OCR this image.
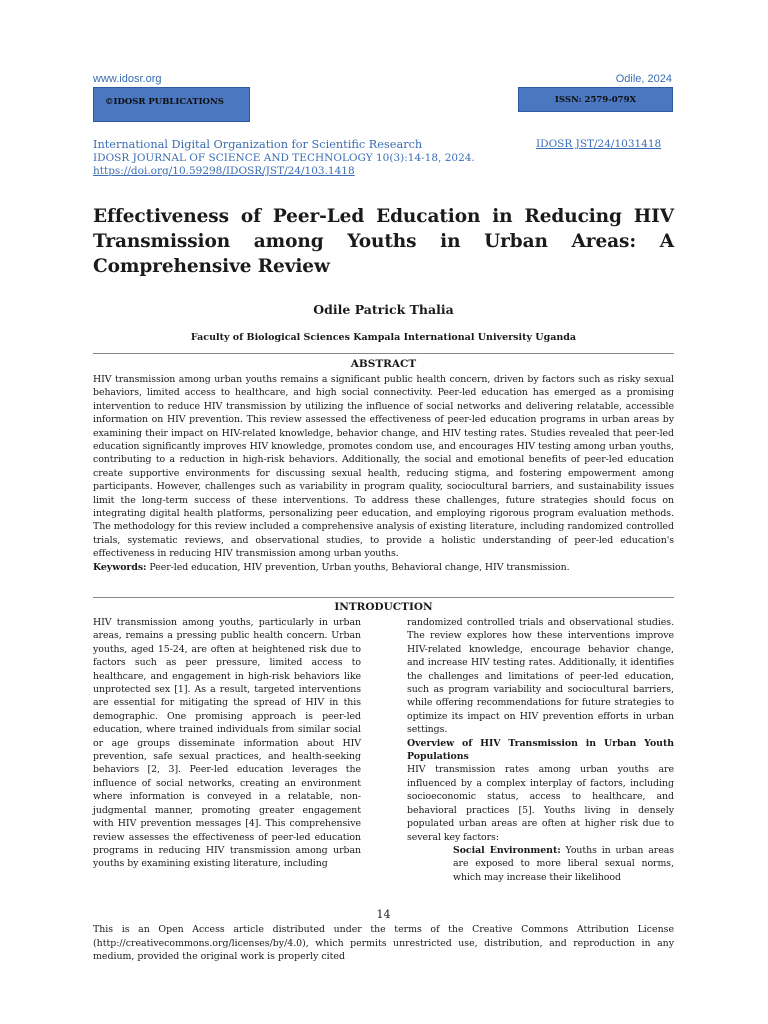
www.idosr.org	Odile, 2024
©IDOSR PUBLICATIONS	ISSN: 2579-079X
International Digital Organization for Scientific Research	IDOSR JST/24/1031418
IDOSR JOURNAL OF SCIENCE AND TECHNOLOGY 10(3):14-18, 2024.
https://doi.org/10.59298/IDOSR/JST/24/103.1418
Effectiveness of Peer-Led Education in Reducing HIV Transmission among Youths in Urban Areas: A Comprehensive Review
Odile Patrick Thalia
Faculty of Biological Sciences Kampala International University Uganda
ABSTRACT
HIV transmission among urban youths remains a significant public health concern, driven by factors such as risky sexual behaviors, limited access to healthcare, and high social connectivity. Peer-led education has emerged as a promising intervention to reduce HIV transmission by utilizing the influence of social networks and delivering relatable, accessible information on HIV prevention. This review assessed the effectiveness of peer-led education programs in urban areas by examining their impact on HIV-related knowledge, behavior change, and HIV testing rates. Studies revealed that peer-led education significantly improves HIV knowledge, promotes condom use, and encourages HIV testing among urban youths, contributing to a reduction in high-risk behaviors. Additionally, the social and emotional benefits of peer-led education create supportive environments for discussing sexual health, reducing stigma, and fostering empowerment among participants. However, challenges such as variability in program quality, sociocultural barriers, and sustainability issues limit the long-term success of these interventions. To address these challenges, future strategies should focus on integrating digital health platforms, personalizing peer education, and employing rigorous program evaluation methods. The methodology for this review included a comprehensive analysis of existing literature, including randomized controlled trials, systematic reviews, and observational studies, to provide a holistic understanding of peer-led education's effectiveness in reducing HIV transmission among urban youths.
Keywords: Peer-led education, HIV prevention, Urban youths, Behavioral change, HIV transmission.
INTRODUCTION
HIV transmission among youths, particularly in urban areas, remains a pressing public health concern. Urban youths, aged 15-24, are often at heightened risk due to factors such as peer pressure, limited access to healthcare, and engagement in high-risk behaviors like unprotected sex [1]. As a result, targeted interventions are essential for mitigating the spread of HIV in this demographic. One promising approach is peer-led education, where trained individuals from similar social or age groups disseminate information about HIV prevention, safe sexual practices, and health-seeking behaviors [2, 3]. Peer-led education leverages the influence of social networks, creating an environment where information is conveyed in a relatable, non-judgmental manner, promoting greater engagement with HIV prevention messages [4]. This comprehensive review assesses the effectiveness of peer-led education programs in reducing HIV transmission among urban youths by examining existing literature, including
randomized controlled trials and observational studies. The review explores how these interventions improve HIV-related knowledge, encourage behavior change, and increase HIV testing rates. Additionally, it identifies the challenges and limitations of peer-led education, such as program variability and sociocultural barriers, while offering recommendations for future strategies to optimize its impact on HIV prevention efforts in urban settings.
Overview of HIV Transmission in Urban Youth Populations
HIV transmission rates among urban youths are influenced by a complex interplay of factors, including socioeconomic status, access to healthcare, and behavioral practices [5]. Youths living in densely populated urban areas are often at higher risk due to several key factors:
Social Environment: Youths in urban areas are exposed to more liberal sexual norms, which may increase their likelihood
14
This is an Open Access article distributed under the terms of the Creative Commons Attribution License (http://creativecommons.org/licenses/by/4.0), which permits unrestricted use, distribution, and reproduction in any medium, provided the original work is properly cited
